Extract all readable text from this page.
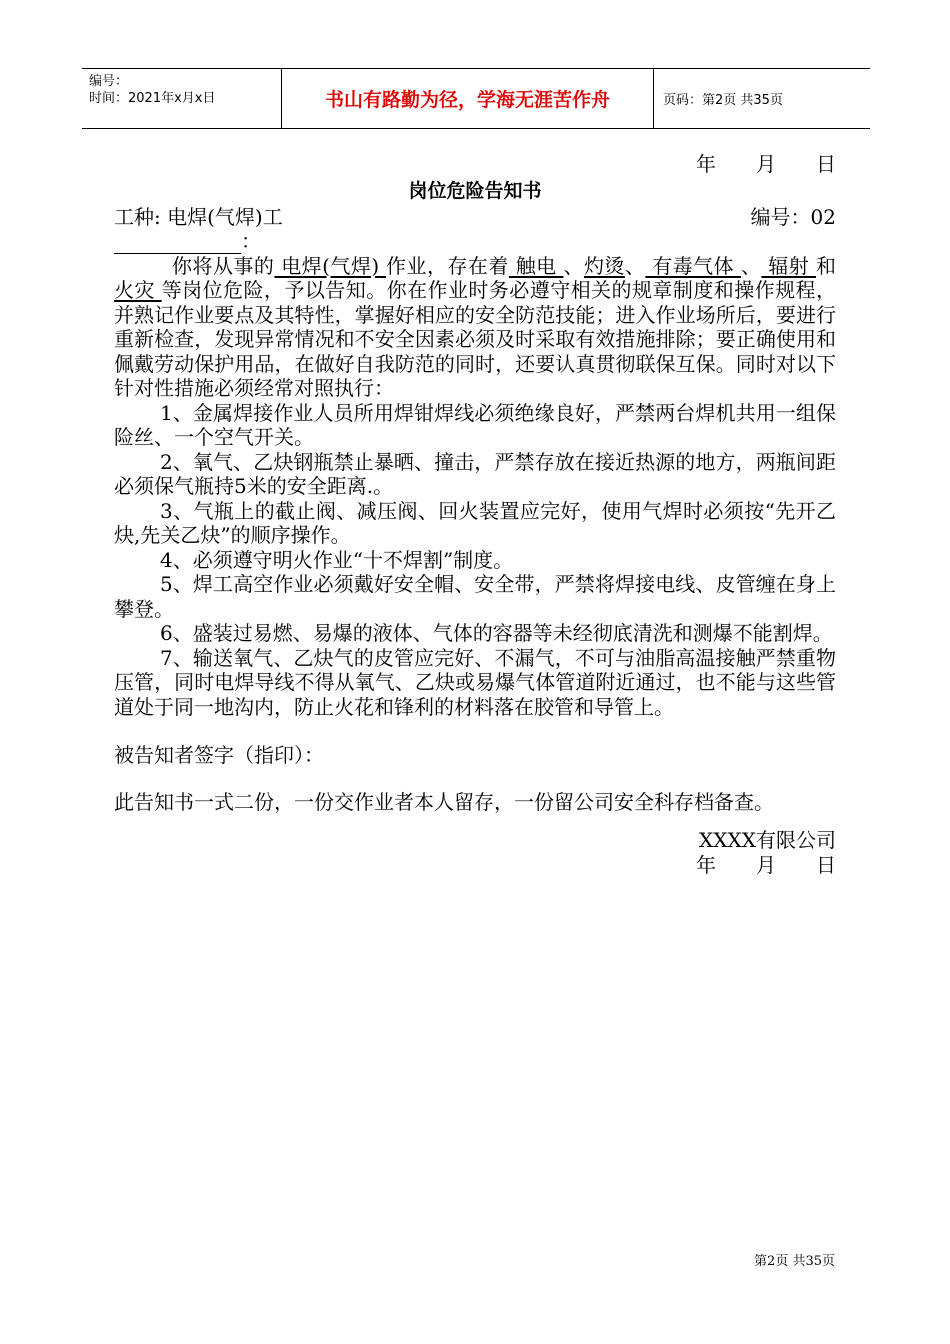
编号：
时间：2021年x月x日	书山有路勤为径，学海无涯苦作舟	页码：第2页 共35页
年　　月　　日
岗位危险告知书
工种: 电焊(气焊)工	编号：02
：

你将从事的 电焊(气焊) 作业，存在着 触电 、灼烫、 有毒气体 、 辐射 和 火灾 等岗位危险，予以告知。你在作业时务必遵守相关的规章制度和操作规程，并熟记作业要点及其特性，掌握好相应的安全防范技能；进入作业场所后，要进行重新检查，发现异常情况和不安全因素必须及时采取有效措施排除；要正确使用和佩戴劳动保护用品，在做好自我防范的同时，还要认真贯彻联保互保。同时对以下针对性措施必须经常对照执行：

1、金属焊接作业人员所用焊钳焊线必须绝缘良好，严禁两台焊机共用一组保险丝、一个空气开关。

2、氧气、乙炔钢瓶禁止暴晒、撞击，严禁存放在接近热源的地方，两瓶间距必须保气瓶持5米的安全距离.。

3、气瓶上的截止阀、减压阀、回火装置应完好，使用气焊时必须按“先开乙炔,先关乙炔”的顺序操作。

4、必须遵守明火作业“十不焊割”制度。

5、焊工高空作业必须戴好安全帽、安全带，严禁将焊接电线、皮管缠在身上攀登。

6、盛装过易燃、易爆的液体、气体的容器等未经彻底清洗和测爆不能割焊。

7、输送氧气、乙炔气的皮管应完好、不漏气，不可与油脂高温接触严禁重物压管，同时电焊导线不得从氧气、乙炔或易爆气体管道附近通过，也不能与这些管道处于同一地沟内，防止火花和锋利的材料落在胶管和导管上。

被告知者签字（指印）：

此告知书一式二份，一份交作业者本人留存，一份留公司安全科存档备查。

XXXX有限公司
年　　月　　日
第2页 共35页
